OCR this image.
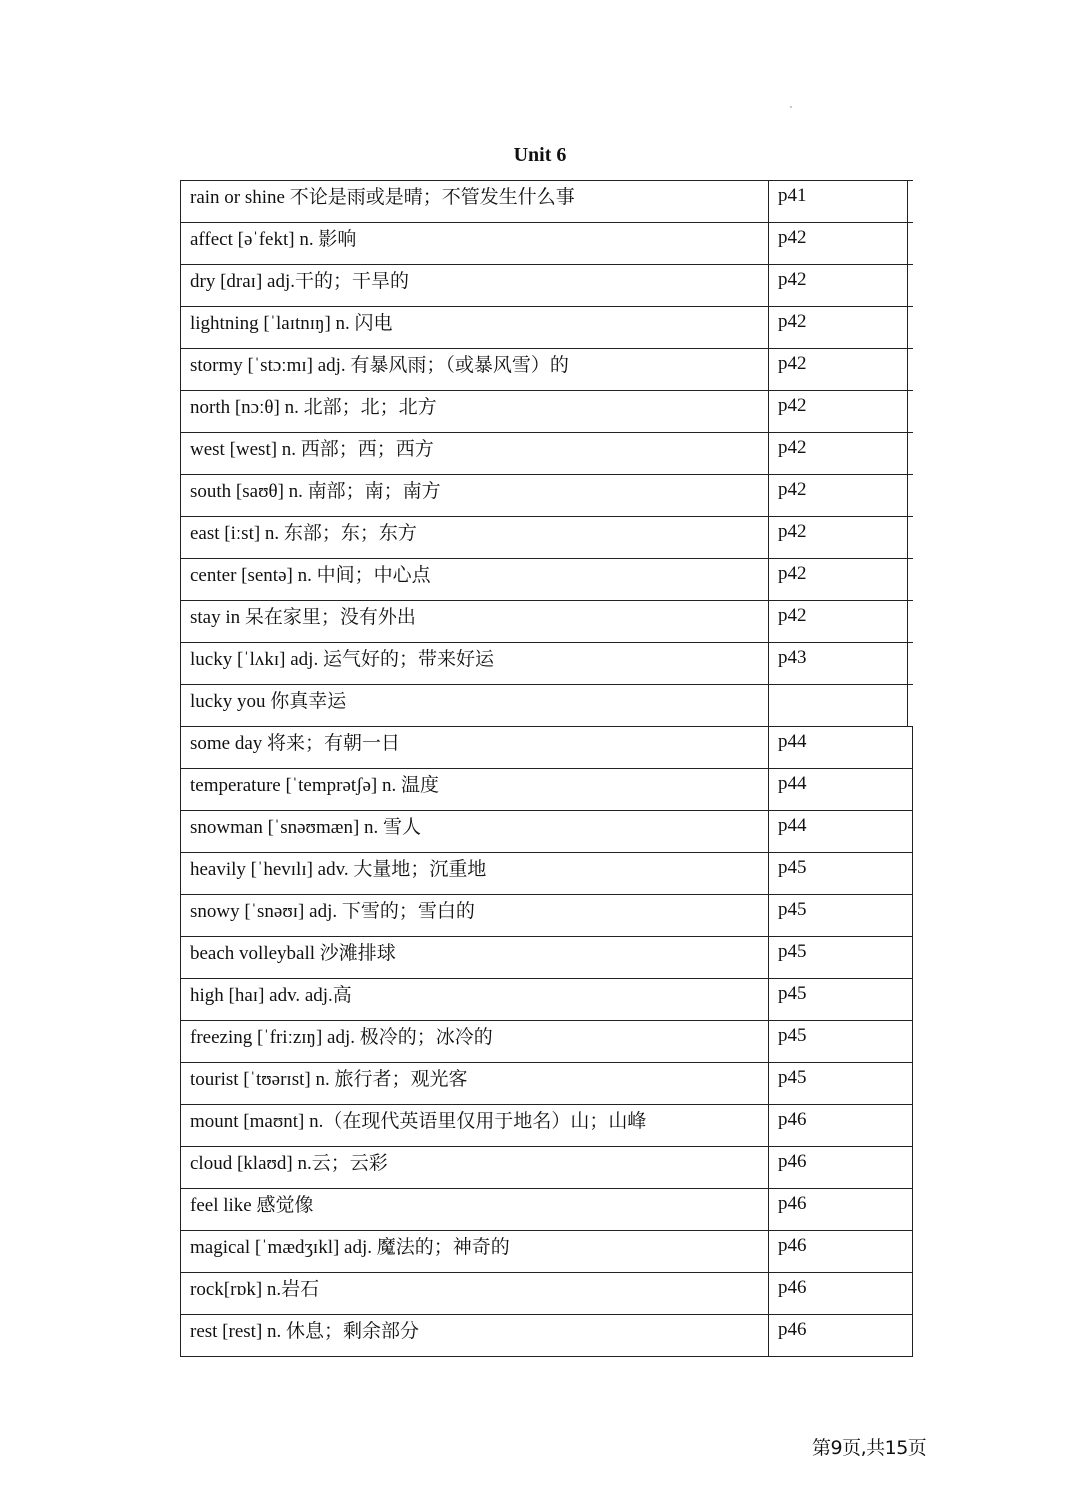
Unit 6
rain or shine 不论是雨或是晴；不管发生什么事	p41
affect [əˈfekt] n. 影响	p42
dry [draɪ] adj.干的；干旱的	p42
lightning [ˈlaɪtnɪŋ] n. 闪电	p42
stormy [ˈstɔːmɪ] adj. 有暴风雨；（或暴风雪）的	p42
north [nɔːθ] n. 北部；北；北方	p42
west [west] n. 西部；西；西方	p42
south [saʊθ] n. 南部；南；南方	p42
east [iːst] n. 东部；东；东方	p42
center [sentə] n. 中间；中心点	p42
stay in 呆在家里；没有外出	p42
lucky [ˈlʌkɪ] adj. 运气好的；带来好运	p43
lucky you 你真幸运
some day 将来；有朝一日	p44
temperature [ˈtemprətʃə] n. 温度	p44
snowman [ˈsnəʊmæn] n. 雪人	p44
heavily [ˈhevɪlɪ] adv. 大量地；沉重地	p45
snowy [ˈsnəʊɪ] adj. 下雪的；雪白的	p45
beach volleyball 沙滩排球	p45
high [haɪ] adv. adj.高	p45
freezing [ˈfriːzɪŋ] adj. 极冷的；冰冷的	p45
tourist [ˈtʊərɪst] n. 旅行者；观光客	p45
mount [maʊnt] n.（在现代英语里仅用于地名）山；山峰	p46
cloud [klaʊd] n.云；云彩	p46
feel like 感觉像	p46
magical [ˈmædʒɪkl] adj. 魔法的；神奇的	p46
rock[rɒk] n.岩石	p46
rest [rest] n. 休息；剩余部分	p46
第9页,共15页
